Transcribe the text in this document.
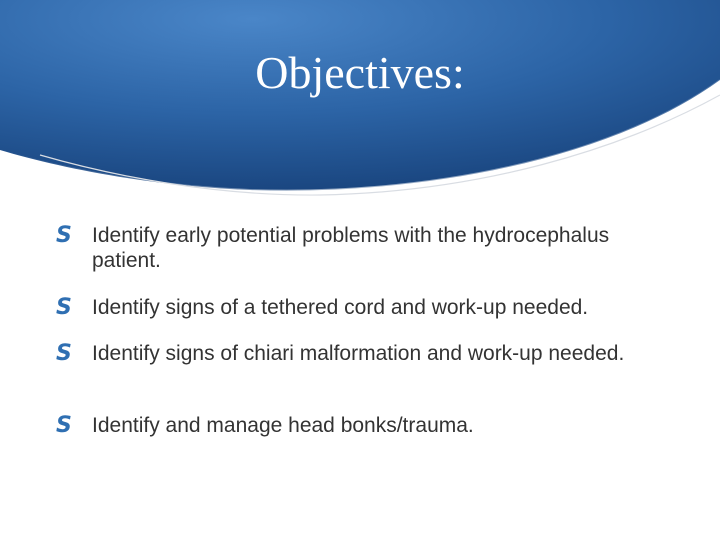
Objectives:
S Identify early potential problems with the hydrocephalus patient.
S Identify signs of a tethered cord and work-up needed.
S Identify signs of chiari malformation and work-up needed.
S Identify and manage head bonks/trauma.
